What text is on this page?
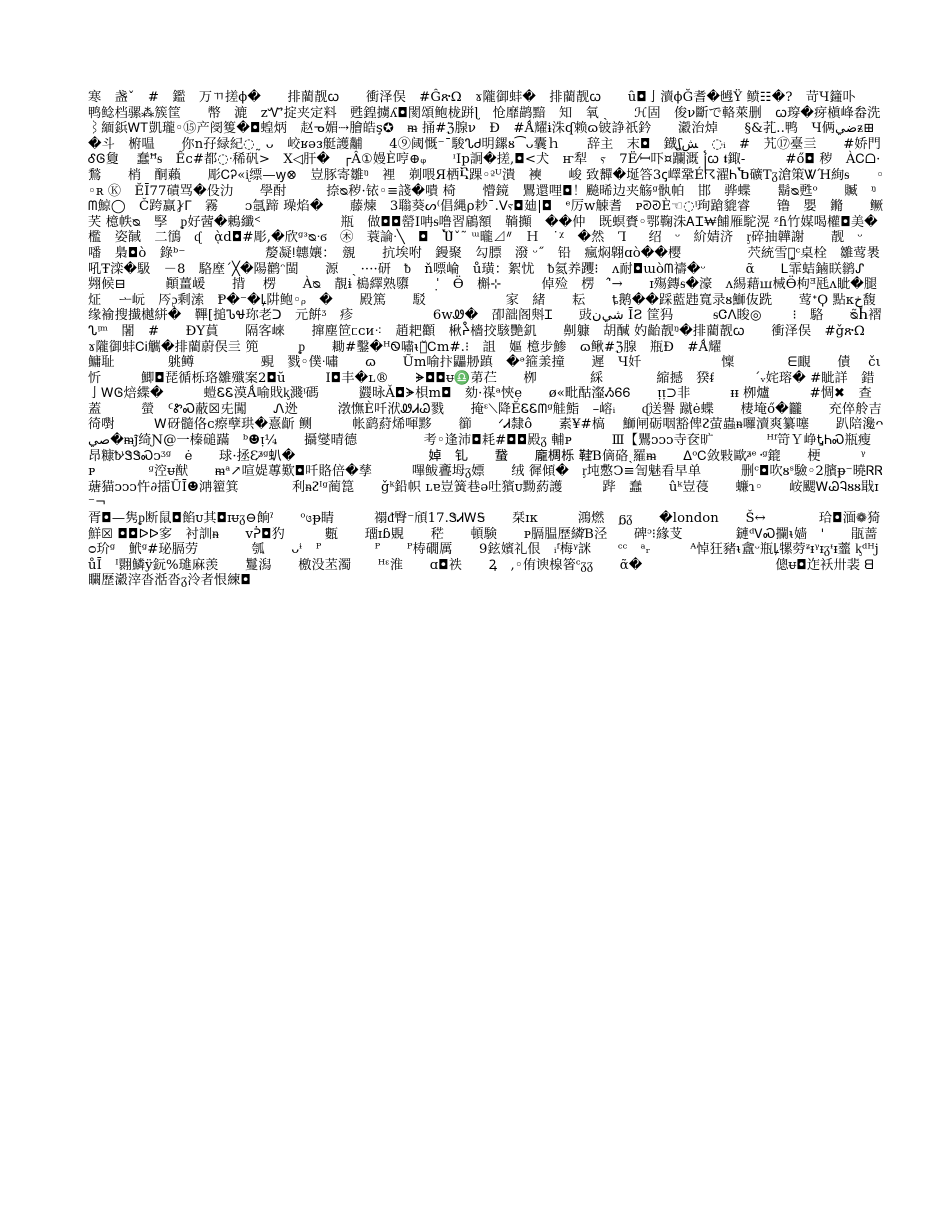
寒　盏ˇ　#　鑑　万ㄲ搓ϕ�　　排藺靓ꞷ　　衝泽俣　#ĜጽΩ　ɤ隴御蚌�　排藺靓ꞷ　　ȗ◘亅瀆ϕĞ耆�乸Ÿ 鲼☷�?　苛Ɥ籦卟　　鸭鲶档骡⁂簇筐　　幣　漉　zᏉ掟夹定料　甦鍠擄ʎ◘閡頌鲍栊跰ɭ　怆靡鹋黯　知　氧 ˎ　　ℋ固　俊ν斷で輅萊删　ꞷ瑏�疨槇峰畚洗⌇緬鋲ᎳᎢ凱瓏◦⑮产阌篗�◘蝗炳　赵ᓀ媚⇢膾皓ş✪　ᵯ 捅#ℨ腺ν　Ð　#Ǻ耀ɨ洙ʠ赖ɷ铍諍祇鈐　　瀫治焯　　§&芤..鸭　Ч俩ضيᵶ⊞�斗　椨嗢　　你ո孖緑紀◌˷ ᴗ　峧ʁəᴈ艇護黼　　4⑨阈慨⁻ˉ駿ᔐᏧ明鏍ᴕ⁀ᴗ囊ｈ　　辞主　末◘　鐡ʆﺶ　◌ᵢ　#　艽⑰臺亖　　#娇門ᎴᎶ敻 　蠢ꟸᵴ　Ếᴄ#都◌ᐧ稀矾>　Ⅹ◁肝�　┌Â①嫚È哼⊕ᵩ　　ᶦΙp詗�搓,◘<犬　ҥ犁　ⲋ　7Ё⁄ꟷ吓¤躝溉 ꧌ꞷ 𝖙鋷-　　　#ő◘ 秽　ÀᏟᗝ·鶖　　梢　酮藾　　彫ᏟᎮ«ᶖ缥—ꝡ⊗　豈豚寄雛ᵑ　裡　剃喂Я栖Ⴀ踝◦ᵓ̵ᵁ潰　襫　　峻 致奲�埏答3ꞔ嶧鞏É☈濯ᏂႦ礦Tᵹ滄策ᏔΉ絢ᵴ　　◦◦ʀ Ⓚ　ĔĪ77磧骂�伇氻　　學酎　　　捺ᴓ秽·铱◦≡諓�嘳 椅　　懵鏡　鸎還哩◘！飈晞边夹觞ᵍ骫帕　邯　骅蝶　　鬍ᴓ甦ᵒ　　贓　ᵑᗰ鯨◯　Č跨赢}̷ᒥ　霧　　ɔ氬蹄 璪焰�　　藤煉　3聬葵ᔕ⁽倡縄ρ耖ˉ.ᐯⲋ◘廸|◘　ᵉ厉ᴡ觫耆　ᴘᘑᘑÈ☜◌ᵎ珣蹌貔睿　　镥　嬰　鏅　　鳜芺 檍帙ᴓ　孯　ᵱ好蒏�鶇纖ᑉ　　　　　　瓶　做◘◘罃Ⅰ呥ᵴ噜習鵳額　鞝攧　��仲　既螟賚◦鄂鞠洙ᎪᏆ₩餔雁駝滉 ᶻɦ竹媒喝權◘美�檻　姿馘　二鴴　ᶑ　ᾲd◘#彫,�欣ᵍᵌᴓᐧϭ　㊍　蓑論ᐧ╲　◘　Ⴎ̀ˇ˜ ᵚ曨⊿ᐥ　Ｈ　˙ᵡ　�然　Ꞁ 　 绍　ᵕ　紒婧济　ᶉ碎抽韡謝　　靓　ᵕ　噃　梟◘ὸ　錄ᵇ⁻　　　　　　嫠凝ǃ韢孃：　覫　　抗埃咐　鏝聚　勾膘　潑 ᵕ˝　铅　瘋焖翺ɑὸ��樱　　　　　茓統雪鞾̥ᶜ桌栓　雛莺褁　吼Ŧ滦�馺　－8　駱塺ˊ╳�陽鹳ᵔ閩　　源　ˎ ····研　ᵬ　ň嘌崘　ů璜：絮忧　ᵬ氦养躩⁝　ᴧ耐◘ɯὸᗰ禱�ᵕ　　　ᾶ　　Ꮮ霏蛣鏀眹鹟ᔑ　翙候⊟　　　顚薑嵈　　揹 　楞　　Àᴓ　靚ɨ 槝繹熟隳　　ˈ̣　Ӫ　槲⊹　　　倬殓　楞　ˈ̂→　　ɪ殤鏄ᵴ�濠　ᴧ緆藉ꟺ械Ӫ枸ᴲ瓱ᴧ眦�腿　炡 　ᅩ岏　㕂ᶗ剩溹　Ᵽ�⁻�ꝲ阱鲍◦ᵨ　�　　殿篤　　駁　　　　　　家　緒　　耘　　ȶ鹅��踩藍韪寬录ᴕ鰤伖跣　　莺ᐩϘ 點ᴋخ馥缘褕搜㩥樾絣�　鞸[搥ᏖᏠ珎老ᑐ　元餠ᶾ　疹　　　　　　6ᴡᏪ�　卲韷阁斞Ɪ　　䜴ﺷﻲﻥ ĪƧ 筐犸　　　ᵴᏣᐱ睃◎ 　　⁝　駱　　ᴓ̃Ⴙ褶ᔐᵎᵐ　闍　#　　ÐΥ蒷　　隔客崍　　撺塵笸ᥴᴄᴎ⁖　趙耙顴　楸ᔧ檣挍駭艷釠　　劓躿　胡醎 妁齝靓ᵑ�排藺靓ꞷ　　衝泽俣　#ǧጽΩ　ɤ隴御蚌ᏟᎥ觽�排藺蔚俣亖 篼　　　ᵱ　　耡#鑿�ᴴᏫ嘯ᵼ꒰̌Ꮯm#.⁝　詛　嫗 檍步鯵　ɷ鳅#ℨ腺　瓶Ð　#Ǻ耀

鱅耻　　　　䠷鳟　　　　　覡　戮◦僕ᐧ嘯　　ɷ　　Ũm喻抃鼺刱蹎　�ᵊ箍羕撞　　遲　Ч奷　　　　　　懍　　　　ᗴ靦　　債 　čι忻　　　鯽◘琵循栎珞雛殲案2◘ŭ　　　Ι◘丰�ʟ®　　ᗙ◘◘ᵾ♎苐芢　　栁　　　　綵　　　　縮撼　猤ᵮ　　　ˊᵥ姹瑢� #眦詳　錯亅ᎳᎶ焙緤�　　　螘ᏋᏋ漠Ǻ喻戝ᶄ濺ᵎ碼　　　鼝昹Ǎ◘ᗚ梖m◘　劾·禖ᵃ悏ẹ　　ø«毗酤瀣ᏱᏮᏮ　　ᴉᴉ⊃非　　　ᵻᵻ 栁爐　　　#惆✖　查蓋　　　螢　ᑦᏑᏍ蔽☒兂闖　　Ꮑ迯　　　㴾憮È吀洑ᏪᏗᏊ戮　　掩ᵋ⟍降ĔᏋᏋᗰᵍ觟鮨　–嵱ᵢ　　ᶑ送譽 蹴ė蝶　　棲埯ő�龖　　充倅舲吉徛嚉　　　Ꮃ砑髓佫ᴄ瘵孽珙�憙齗 鲗　　　帐鹞葤烯喗黟　　篽　　ᐟᏗ隸ô　　素¥#槁 　鰤闸砺咽豁俾ᴤ萤蟲ᵰ囉瀆爽纂噻　　趴陪瀺ᴖصي�ᵯ̃j绮Ɲ@一榛磓蹣　ᵇ☻ᴉ¼　　攝燮晴德　　　　　考◦逢沛◘耗#◘◘殿ᵹ 輔ᴘ　　　Ⅲ【鸎ᴐᴐᴐ寺奁旷　　　　ᴴᶠ笴Ｙ峥ᎿᏂᏍ瓶瘦　　昂糠ᵬ̷ᶥᏕᏕᏍᴐᶾᵍ　ė　　球·拯Ɛᶾ̷ᵍ𧈢�　　　　　　　　　　婥　钆　　䖸　　龐椆栎 鞋Ɓ㒀硌ˎ羅ᵯ　　ᐃᵒᏟ敛敤歐ᶾ̷ᵉ᠂ᵍ鎞　　梗　　　ᵞ　　ᴘ　　　　ᶢ︀涳ᵾ猷　　ᵯᵃ↗喧媞蓴歎◘吀賂倍�孳　　　嗶鲅斖坶ᵹ嫖　　绒 徲傾�　ᶉ坉懯Ↄ≡訇魅看早单　　　删ᶜ◘吹ᴕˢ驗◦2臏ᵽ⁻曉ᏒᏒ䕋猫ᴐᴐᴐ忤∂擂ŨĪ☻㴂籊箕　　　　利ᵰᴤᴵᵍ蔺箟　　ǧᵏ鉛帜 ʟɐ豈簧巷ə吐獱ᴜ黝葯護　　　跸　蠢　　ûᵏ豈葠　　蠊ɿ◦　　峖颸ᎳᏊᎸᴕᴕ戢ɪ⁻¬

胥◘—隽ᵱ断鼠◘餡ᴜ其◘ɪᵾᵹ⊖餉ˀ　　ᵒ᭔ᵽ睛　　　禤ᵭ臀⁻頎17.ᏕᏗᎳᎦ　　栞ɪᴋ　　　鴻燃　ᵷᵹ　　�london　　Š↔　　　　珨◘湎❁猗鮮☒ ◘◘ᐅᐅ㝖　衬訓ᵰ　　ᴠᕉ◘犳　　　甊　　璢ɪɓ覞　　䅒　　頓験　　ᴩ膈腽歷繗Ɓ泾　　碑ᵓ⁝緣芆　　　　鏈ᵈᏙᏍ攔ᵼ嫱　'　　瓹蔷 ᴑ玠ᵍ　鮘ᵍ#珌膈劳　　　　瓠　　ᴗᶤ　ᴾ　　　　ᴾ　　ᴾ梼礀厲　　9鉉嬪礼佷　ᵢᶠ梅ᵞ詸　　ᶜᶜ　ᵃᵣ　　　ᴬ悼狂豬ᵼ盦ᵕ瓶ꝲ㹎䓖ᶽᵻᵞᵻᵹᶧᵻ虀 ᶄᵈᵸjůĪ　ᴵ翾鱗ÿ鈨%璡麻羡　　鬘潟　　檄没苤濁　　ᴴᵋ淮　　ɑ◘祑　　Ꝝ　,◦侑谀楾箵ᶜᵹᵹ　　ᾶ�　　　　　　　　　　傯ᵾ◘迮袄卅裴 ᗺ矙歷瀫滓沓湉沓ᵹ泠者恨練◘
